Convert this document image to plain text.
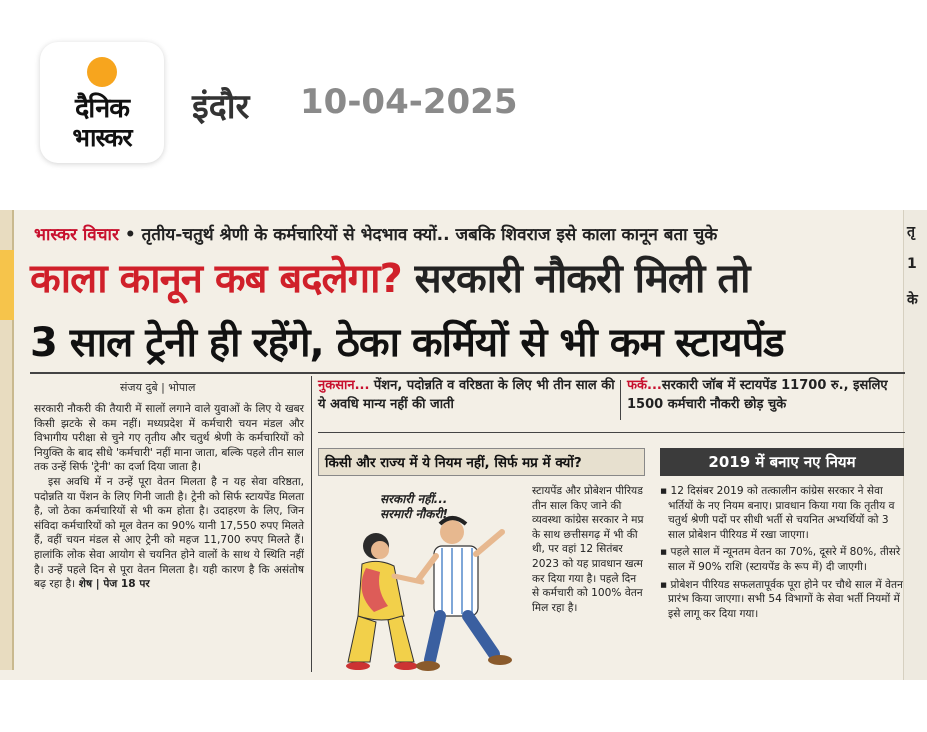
दैनिक
भास्कर
इंदौर 10-04-2025
तृ
1
के
भास्कर विचार • तृतीय-चतुर्थ श्रेणी के कर्मचारियों से भेदभाव क्यों.. जबकि शिवराज इसे काला कानून बता चुके
काला कानून कब बदलेगा? सरकारी नौकरी मिली तो
3 साल ट्रेनी ही रहेंगे, ठेका कर्मियों से भी कम स्टायपेंड
संजय दुबे | भोपाल

सरकारी नौकरी की तैयारी में सालों लगाने वाले युवाओं के लिए ये खबर किसी झटके से कम नहीं। मध्यप्रदेश में कर्मचारी चयन मंडल और विभागीय परीक्षा से चुने गए तृतीय और चतुर्थ श्रेणी के कर्मचारियों को नियुक्ति के बाद सीधे 'कर्मचारी' नहीं माना जाता, बल्कि पहले तीन साल तक उन्हें सिर्फ 'ट्रेनी' का दर्जा दिया जाता है।

इस अवधि में न उन्हें पूरा वेतन मिलता है न यह सेवा वरिष्ठता, पदोन्नति या पेंशन के लिए गिनी जाती है। ट्रेनी को सिर्फ स्टायपेंड मिलता है, जो ठेका कर्मचारियों से भी कम होता है। उदाहरण के लिए, जिन संविदा कर्मचारियों को मूल वेतन का 90% यानी 17,550 रुपए मिलते हैं, वहीं चयन मंडल से आए ट्रेनी को महज 11,700 रुपए मिलते हैं। हालांकि लोक सेवा आयोग से चयनित होने वालों के साथ ये स्थिति नहीं है। उन्हें पहले दिन से पूरा वेतन मिलता है। यही कारण है कि असंतोष बढ़ रहा है। शेष | पेज 18 पर

नुकसान... पेंशन, पदोन्नति व वरिष्ठता के लिए भी तीन साल की ये अवधि मान्य नहीं की जाती
फर्क...सरकारी जॉब में स्टायपेंड 11700 रु., इसलिए 1500 कर्मचारी नौकरी छोड़ चुके
किसी और राज्य में ये नियम नहीं, सिर्फ मप्र में क्यों?	2019 में बनाए नए नियम
सरकारी नहीं...
सरमारी नौकरी!
स्टायपेंड और प्रोबेशन पीरियड तीन साल किए जाने की व्यवस्था कांग्रेस सरकार ने मप्र के साथ छत्तीसगढ़ में भी की थी, पर वहां 12 सितंबर 2023 को यह प्रावधान खत्म कर दिया गया है। पहले दिन से कर्मचारी को 100% वेतन मिल रहा है।

▪ 12 दिसंबर 2019 को तत्कालीन कांग्रेस सरकार ने सेवा भर्तियों के नए नियम बनाए। प्रावधान किया गया कि तृतीय व चतुर्थ श्रेणी पदों पर सीधी भर्ती से चयनित अभ्यर्थियों को 3 साल प्रोबेशन पीरियड में रखा जाएगा।

▪ पहले साल में न्यूनतम वेतन का 70%, दूसरे में 80%, तीसरे साल में 90% राशि (स्टायपेंड के रूप में) दी जाएगी।

▪ प्रोबेशन पीरियड सफलतापूर्वक पूरा होने पर चौथे साल में वेतन प्रारंभ किया जाएगा। सभी 54 विभागों के सेवा भर्ती नियमों में इसे लागू कर दिया गया।
